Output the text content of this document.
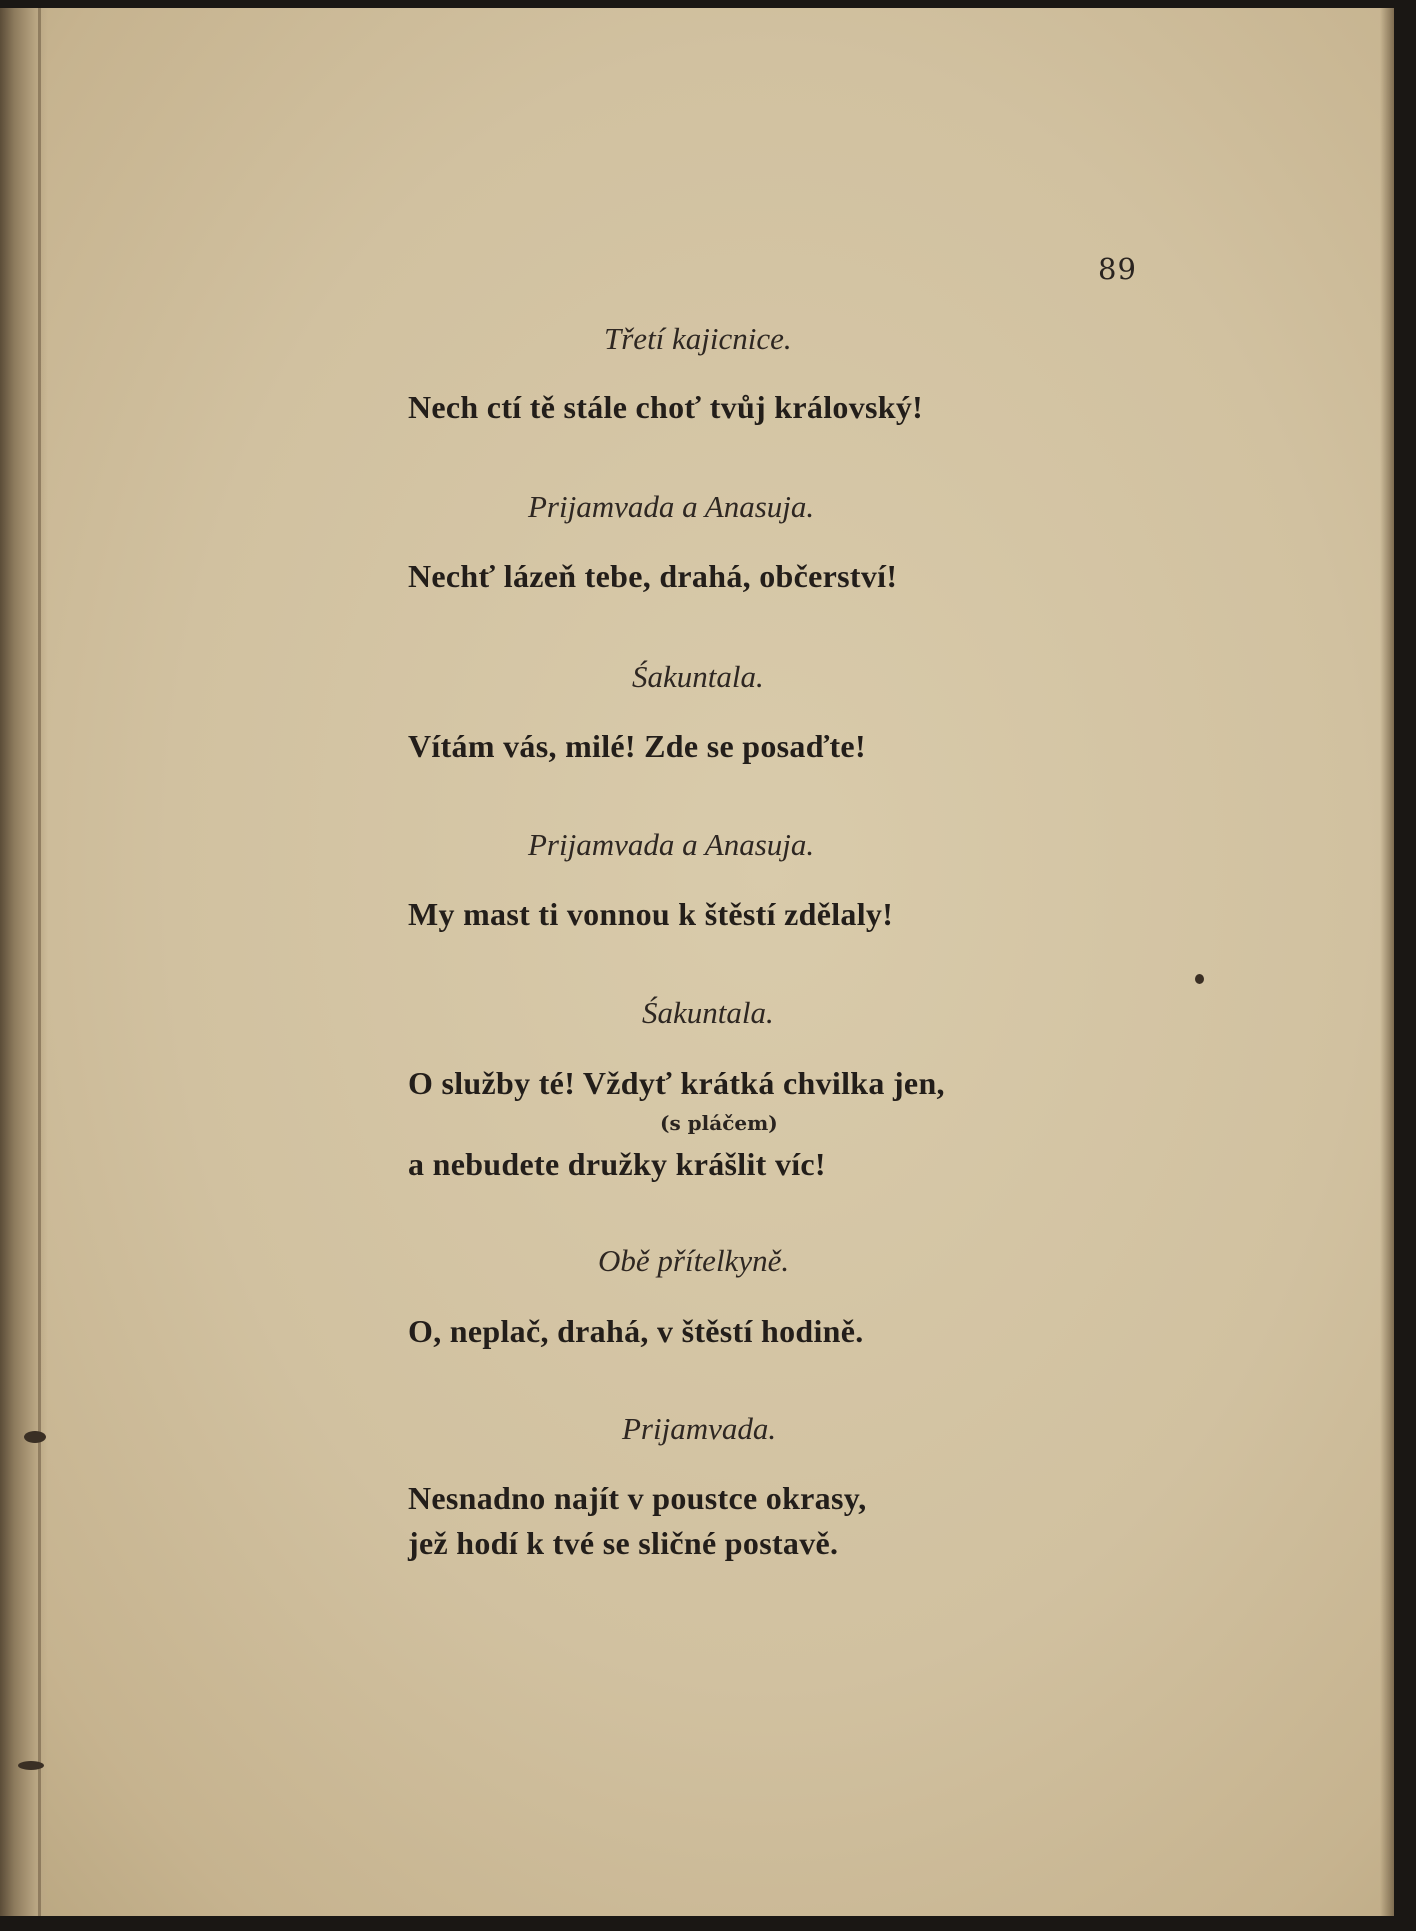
89
Třetí kajicnice.
Nech ctí tě stále choť tvůj královský!
Prijamvada a Anasuja.
Nechť lázeň tebe, drahá, občerství!
Śakuntala.
Vítám vás, milé! Zde se posaďte!
Prijamvada a Anasuja.
My mast ti vonnou k štěstí zdělaly!
Śakuntala.
O služby té! Vždyť krátká chvilka jen,
(s pláčem)
a nebudete družky krášlit víc!
Obě přítelkyně.
O, neplač, drahá, v štěstí hodině.
Prijamvada.
Nesnadno najít v poustce okrasy,
jež hodí k tvé se sličné postavě.
